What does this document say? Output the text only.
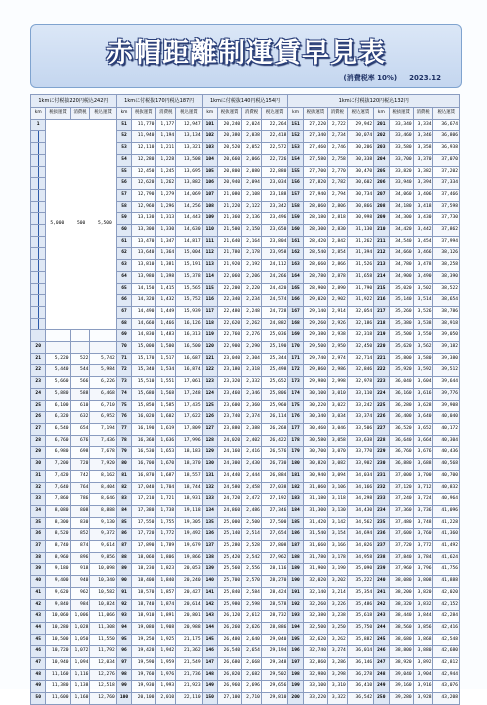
赤帽距離制運賃早見表
(消費税率 10%) 2023.12
1kmに付税抜220円税込242円				1kmに付税抜170円税込187円				1kmに付税抜140円税込154円				1kmに付税抜120円税込132円							
km	税抜運賃	消費税	税込運賃	km	税抜運賃	消費税	税込運賃	km	税抜運賃	消費税	税込運賃	km	税抜運賃	消費税	税込運賃	km	税抜運賃	消費税	税込運賃
1	5,000 500 5,500			51	11,770	1,177	12,947	101	20,240	2,024	22,264	151	27,220	2,722	29,942	201	33,340	3,334	36,674

				52	11,940	1,194	13,134	102	20,380	2,038	22,418	152	27,340	2,734	30,074	202	33,460	3,346	36,806

				53	12,110	1,211	13,321	103	20,520	2,052	22,572	153	27,460	2,746	30,206	203	33,580	3,358	36,938

				54	12,280	1,228	13,508	104	20,660	2,066	22,726	154	27,580	2,758	30,338	204	33,700	3,370	37,070

				55	12,450	1,245	13,695	105	20,800	2,080	22,880	155	27,700	2,770	30,470	205	33,820	3,382	37,202

				56	12,620	1,262	13,882	106	20,940	2,094	23,034	156	27,820	2,782	30,602	206	33,940	3,394	37,334

				57	12,790	1,279	14,069	107	21,080	2,108	23,188	157	27,940	2,794	30,734	207	34,060	3,406	37,466

				58	12,960	1,296	14,256	108	21,220	2,122	23,342	158	28,060	2,806	30,866	208	34,180	3,418	37,598

				59	13,130	1,313	14,443	109	21,360	2,136	23,496	159	28,180	2,818	30,998	209	34,300	3,430	37,730

				60	13,300	1,330	14,630	110	21,500	2,150	23,650	160	28,300	2,830	31,130	210	34,420	3,442	37,862

				61	13,470	1,347	14,817	111	21,640	2,164	23,804	161	28,420	2,842	31,262	211	34,540	3,454	37,994

				62	13,640	1,364	15,004	112	21,780	2,178	23,958	162	28,540	2,854	31,394	212	34,660	3,466	38,126

				63	13,810	1,381	15,191	113	21,920	2,192	24,112	163	28,660	2,866	31,526	213	34,780	3,478	38,258

				64	13,980	1,398	15,378	114	22,060	2,206	24,266	164	28,780	2,878	31,658	214	34,900	3,490	38,390

				65	14,150	1,415	15,565	115	22,200	2,220	24,420	165	28,900	2,890	31,790	215	35,020	3,502	38,522

				66	14,320	1,432	15,752	116	22,340	2,234	24,574	166	29,020	2,902	31,922	216	35,140	3,514	38,654

				67	14,490	1,449	15,939	117	22,480	2,248	24,728	167	29,140	2,914	32,054	217	35,260	3,526	38,786

				68	14,660	1,466	16,126	118	22,620	2,262	24,882	168	29,260	2,926	32,186	218	35,380	3,538	38,918
				69	14,830	1,483	16,313	119	22,760	2,276	25,036	169	29,380	2,938	32,318	219	35,500	3,550	39,050
20				70	15,000	1,500	16,500	120	22,900	2,290	25,190	170	29,500	2,950	32,450	220	35,620	3,562	39,182
21	5,220	522	5,742	71	15,170	1,517	16,687	121	23,040	2,304	25,344	171	29,740	2,974	32,714	221	35,800	3,580	39,380
22	5,440	544	5,984	72	15,340	1,534	16,874	122	23,180	2,318	25,498	172	29,860	2,986	32,846	222	35,920	3,592	39,512
23	5,660	566	6,226	73	15,510	1,551	17,061	123	23,320	2,332	25,652	173	29,980	2,998	32,978	223	36,040	3,604	39,644
24	5,880	588	6,468	74	15,680	1,568	17,248	124	23,460	2,346	25,806	174	30,100	3,010	33,110	224	36,160	3,616	39,776
25	6,100	610	6,710	75	15,850	1,585	17,435	125	23,600	2,360	25,960	175	30,220	3,022	33,242	225	36,280	3,628	39,908
26	6,320	632	6,952	76	16,020	1,602	17,622	126	23,740	2,374	26,114	176	30,340	3,034	33,374	226	36,400	3,640	40,040
27	6,540	654	7,194	77	16,190	1,619	17,809	127	23,880	2,388	26,268	177	30,460	3,046	33,506	227	36,520	3,652	40,172
28	6,760	676	7,436	78	16,360	1,636	17,996	128	24,020	2,402	26,422	178	30,580	3,058	33,638	228	36,640	3,664	40,304
29	6,980	698	7,678	79	16,530	1,653	18,183	129	24,160	2,416	26,576	179	30,700	3,070	33,770	229	36,760	3,676	40,436
30	7,200	720	7,920	80	16,700	1,670	18,370	130	24,300	2,430	26,730	180	30,820	3,082	33,902	230	36,880	3,688	40,568
31	7,420	742	8,162	81	16,870	1,687	18,557	131	24,440	2,444	26,884	181	30,940	3,094	34,034	231	37,000	3,700	40,700
32	7,640	764	8,404	82	17,040	1,704	18,744	132	24,580	2,458	27,038	182	31,060	3,106	34,166	232	37,120	3,712	40,832
33	7,860	786	8,646	83	17,210	1,721	18,931	133	24,720	2,472	27,192	183	31,180	3,118	34,298	233	37,240	3,724	40,964
34	8,080	808	8,888	84	17,380	1,738	19,118	134	24,860	2,486	27,346	184	31,300	3,130	34,430	234	37,360	3,736	41,096
35	8,300	830	9,130	85	17,550	1,755	19,305	135	25,000	2,500	27,500	185	31,420	3,142	34,562	235	37,480	3,748	41,228
36	8,520	852	9,372	86	17,720	1,772	19,492	136	25,140	2,514	27,654	186	31,540	3,154	34,694	236	37,600	3,760	41,360
37	8,740	874	9,614	87	17,890	1,789	19,679	137	25,280	2,528	27,808	187	31,660	3,166	34,826	237	37,720	3,772	41,492
38	8,960	896	9,856	88	18,060	1,806	19,866	138	25,420	2,542	27,962	188	31,780	3,178	34,958	238	37,840	3,784	41,624
39	9,180	918	10,098	89	18,230	1,823	20,053	139	25,560	2,556	28,116	189	31,900	3,190	35,090	239	37,960	3,796	41,756
40	9,400	940	10,340	90	18,400	1,840	20,240	140	25,700	2,570	28,270	190	32,020	3,202	35,222	240	38,080	3,808	41,888
41	9,620	962	10,582	91	18,570	1,857	20,427	141	25,840	2,584	28,424	191	32,140	3,214	35,354	241	38,200	3,820	42,020
42	9,840	984	10,824	92	18,740	1,874	20,614	142	25,980	2,598	28,578	192	32,260	3,226	35,486	242	38,320	3,832	42,152
43	10,060	1,006	11,066	93	18,910	1,891	20,801	143	26,120	2,612	28,732	193	32,380	3,238	35,618	243	38,440	3,844	42,284
44	10,280	1,028	11,308	94	19,080	1,908	20,988	144	26,260	2,626	28,886	194	32,500	3,250	35,750	244	38,560	3,856	42,416
45	10,500	1,050	11,550	95	19,250	1,925	21,175	145	26,400	2,640	29,040	195	32,620	3,262	35,882	245	38,680	3,868	42,548
46	10,720	1,072	11,792	96	19,420	1,942	21,362	146	26,540	2,654	29,194	196	32,740	3,274	36,014	246	38,800	3,880	42,680
47	10,940	1,094	12,034	97	19,590	1,959	21,549	147	26,680	2,668	29,348	197	32,860	3,286	36,146	247	38,920	3,892	42,812
48	11,160	1,116	12,276	98	19,760	1,976	21,736	148	26,820	2,682	29,502	198	32,980	3,298	36,278	248	39,040	3,904	42,944
49	11,380	1,138	12,518	99	19,930	1,993	21,923	149	26,960	2,696	29,656	199	33,100	3,310	36,410	249	39,160	3,916	43,076
50	11,600	1,160	12,760	100	20,100	2,010	22,110	150	27,100	2,710	29,810	200	33,220	3,322	36,542	250	39,280	3,928	43,208
